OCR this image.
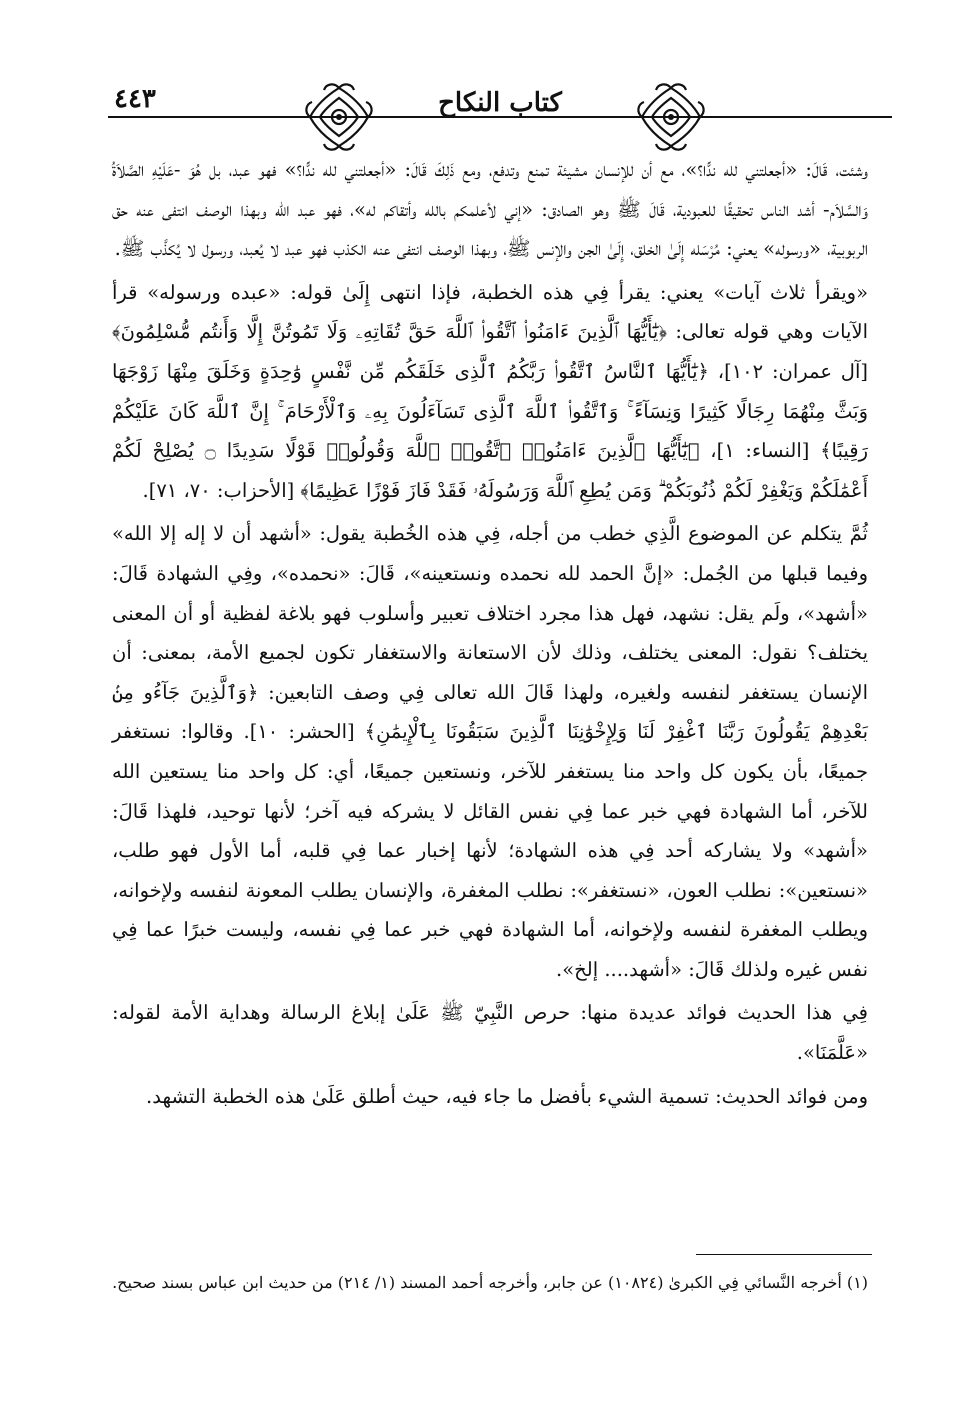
٤٤٣	كتاب النكاح

وشئت، قَالَ: «أجعلتني لله ندًّا؟»، مع أن للإنسان مشيئة تمنع وتدفع، ومع ذَلِكَ قَالَ: «أجعلتني لله ندًّا؟» فهو عبد، بل هُوَ -عَلَيْهِ الصَّلاَةُ وَالسَّلاَم- أشد الناس تحقيقًا للعبودية، قَالَ ﷺ وهو الصادق: «إني لأعلمكم بالله وأتقاكم له»، فهو عبد الله وبهذا الوصف انتفى عنه حق الربوبية، «ورسوله» يعني: مُرْسَله إِلَىٰ الخلق، إِلَىٰ الجن والإنس ﷺ، وبهذا الوصف انتفى عنه الكذب فهو عبد لا يُعبد، ورسول لا يُكذَّب ﷺ.

«ويقرأ ثلاث آيات» يعني: يقرأ فِي هذه الخطبة، فإذا انتهى إِلَىٰ قوله: «عبده ورسوله» قرأ الآيات وهي قوله تعالى: ﴿يَٰٓأَيُّهَا ٱلَّذِينَ ءَامَنُوا۟ ٱتَّقُوا۟ ٱللَّهَ حَقَّ تُقَاتِهِۦ وَلَا تَمُوتُنَّ إِلَّا وَأَنتُم مُّسْلِمُونَ﴾ [آل عمران: ١٠٢]، ﴿يَٰٓأَيُّهَا ٱلنَّاسُ ٱتَّقُوا۟ رَبَّكُمُ ٱلَّذِى خَلَقَكُم مِّن نَّفْسٍ وَٰحِدَةٍ وَخَلَقَ مِنْهَا زَوْجَهَا وَبَثَّ مِنْهُمَا رِجَالًا كَثِيرًا وَنِسَآءً ۚ وَٱتَّقُوا۟ ٱللَّهَ ٱلَّذِى تَسَآءَلُونَ بِهِۦ وَٱلْأَرْحَامَ ۚ إِنَّ ٱللَّهَ كَانَ عَلَيْكُمْ رَقِيبًا﴾ [النساء: ١]، ﴿يَٰٓأَيُّهَا ٱلَّذِينَ ءَامَنُوا۟ ٱتَّقُوا۟ ٱللَّهَ وَقُولُوا۟ قَوْلًا سَدِيدًا ۝ يُصْلِحْ لَكُمْ أَعْمَٰلَكُمْ وَيَغْفِرْ لَكُمْ ذُنُوبَكُمْ ۗ وَمَن يُطِعِ ٱللَّهَ وَرَسُولَهُۥ فَقَدْ فَازَ فَوْزًا عَظِيمًا﴾ [الأحزاب: ٧٠، ٧١].

ثُمَّ يتكلم عن الموضوع الَّذِي خطب من أجله، فِي هذه الخُطبة يقول: «أشهد أن لا إله إلا الله» وفيما قبلها من الجُمل: «إنَّ الحمد لله نحمده ونستعينه»، قَالَ: «نحمده»، وفِي الشهادة قَالَ: «أشهد»، ولَم يقل: نشهد، فهل هذا مجرد اختلاف تعبير وأسلوب فهو بلاغة لفظية أو أن المعنى يختلف؟ نقول: المعنى يختلف، وذلك لأن الاستعانة والاستغفار تكون لجميع الأمة، بمعنى: أن الإنسان يستغفر لنفسه ولغيره، ولهذا قَالَ الله تعالى فِي وصف التابعين: ﴿وَٱلَّذِينَ جَآءُو مِنۢ بَعْدِهِمْ يَقُولُونَ رَبَّنَا ٱغْفِرْ لَنَا وَلِإِخْوَٰنِنَا ٱلَّذِينَ سَبَقُونَا بِٱلْإِيمَٰنِ﴾ [الحشر: ١٠]. وقالوا: نستغفر جميعًا، بأن يكون كل واحد منا يستغفر للآخر، ونستعين جميعًا، أي: كل واحد منا يستعين الله للآخر، أما الشهادة فهي خبر عما فِي نفس القائل لا يشركه فيه آخر؛ لأنها توحيد، فلهذا قَالَ: «أشهد» ولا يشاركه أحد فِي هذه الشهادة؛ لأنها إخبار عما فِي قلبه، أما الأول فهو طلب، «نستعين»: نطلب العون، «نستغفر»: نطلب المغفرة، والإنسان يطلب المعونة لنفسه ولإخوانه، ويطلب المغفرة لنفسه ولإخوانه، أما الشهادة فهي خبر عما فِي نفسه، وليست خبرًا عما فِي نفس غيره ولذلك قَالَ: «أشهد.... إلخ».

فِي هذا الحديث فوائد عديدة منها: حرص النَّبِيّ ﷺ عَلَىٰ إبلاغ الرسالة وهداية الأمة لقوله: «عَلَّمَنَا».

ومن فوائد الحديث: تسمية الشيء بأفضل ما جاء فيه، حيث أطلق عَلَىٰ هذه الخطبة التشهد.

(١) أخرجه النَّسائي فِي الكبرىٰ (١٠٨٢٤) عن جابر، وأخرجه أحمد المسند (١/ ٢١٤) من حديث ابن عباس بسند صحيح.
